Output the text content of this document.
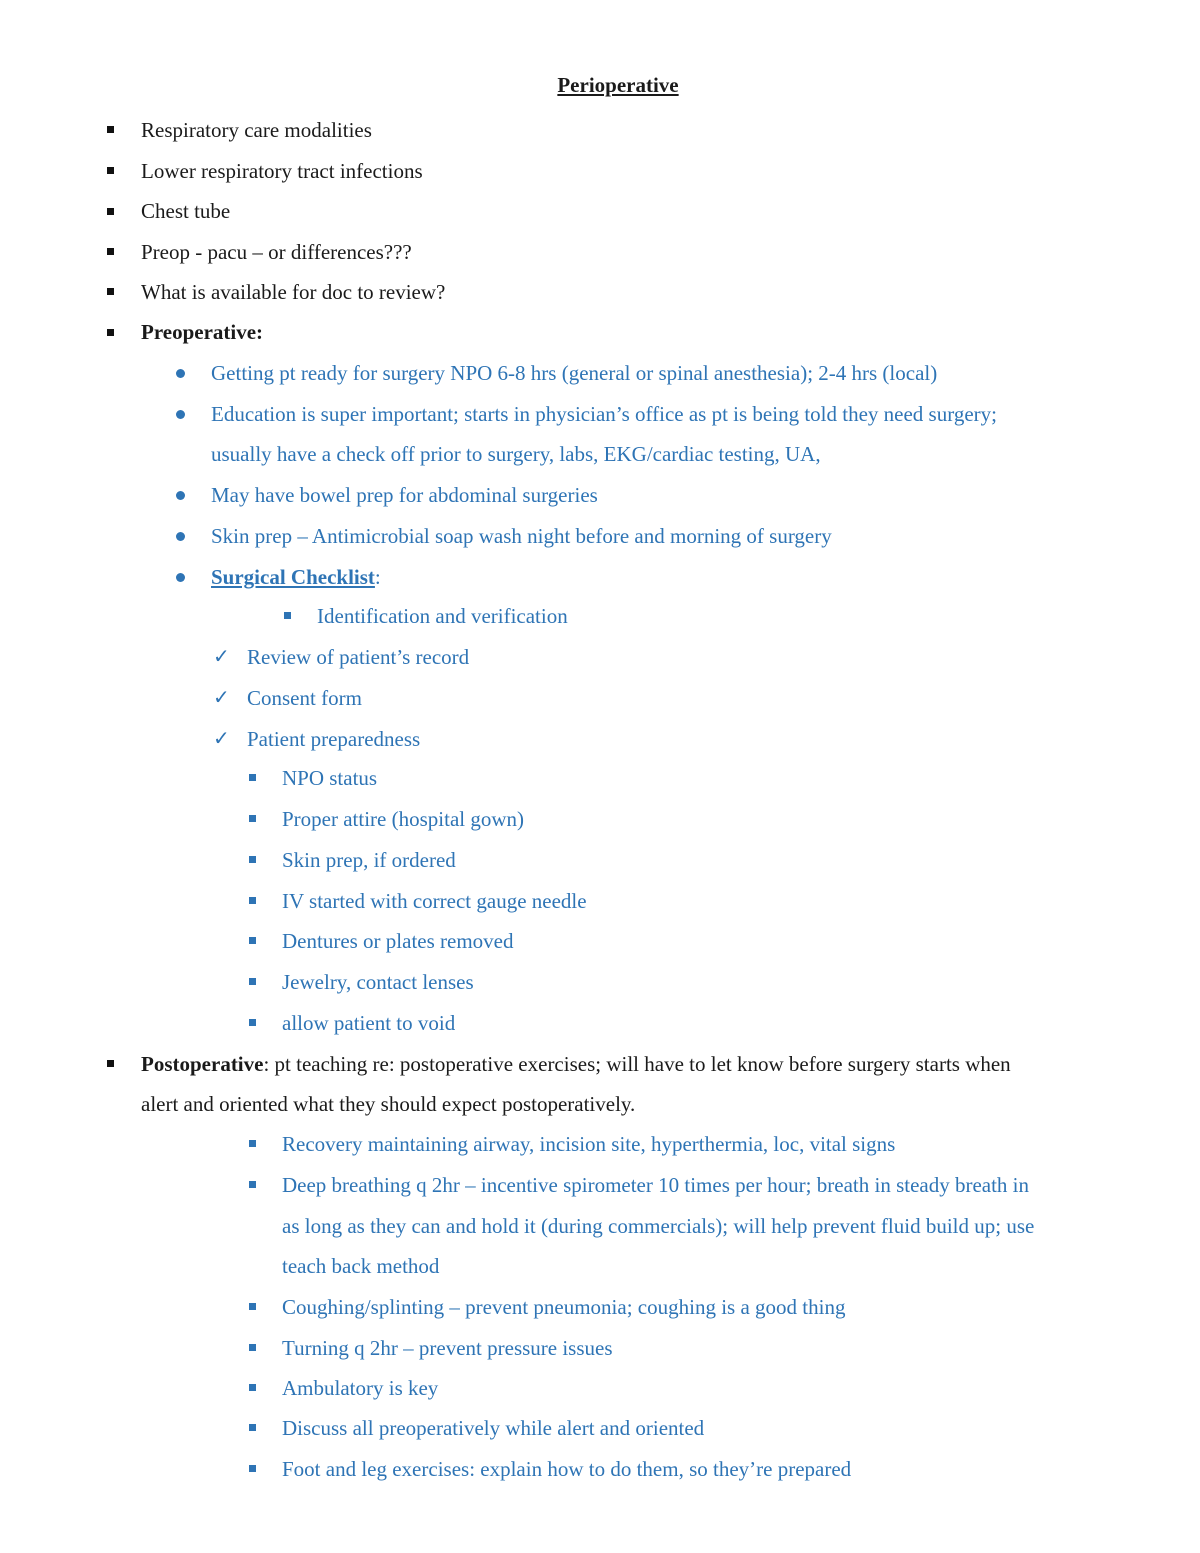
Perioperative
Respiratory care modalities
Lower respiratory tract infections
Chest tube
Preop - pacu – or differences???
What is available for doc to review?
Preoperative:
Getting pt ready for surgery NPO 6-8 hrs (general or spinal anesthesia); 2-4 hrs (local)
Education is super important; starts in physician’s office as pt is being told they need surgery;
usually have a check off prior to surgery, labs, EKG/cardiac testing, UA,
May have bowel prep for abdominal surgeries
Skin prep – Antimicrobial soap wash night before and morning of surgery
Surgical Checklist:
Identification and verification
✓ Review of patient’s record
✓ Consent form
✓ Patient preparedness
NPO status
Proper attire (hospital gown)
Skin prep, if ordered
IV started with correct gauge needle
Dentures or plates removed
Jewelry, contact lenses
allow patient to void
Postoperative: pt teaching re: postoperative exercises; will have to let know before surgery starts when
alert and oriented what they should expect postoperatively.
Recovery maintaining airway, incision site, hyperthermia, loc, vital signs
Deep breathing q 2hr – incentive spirometer 10 times per hour; breath in steady breath in
as long as they can and hold it (during commercials); will help prevent fluid build up; use
teach back method
Coughing/splinting – prevent pneumonia; coughing is a good thing
Turning q 2hr – prevent pressure issues
Ambulatory is key
Discuss all preoperatively while alert and oriented
Foot and leg exercises: explain how to do them, so they’re prepared
